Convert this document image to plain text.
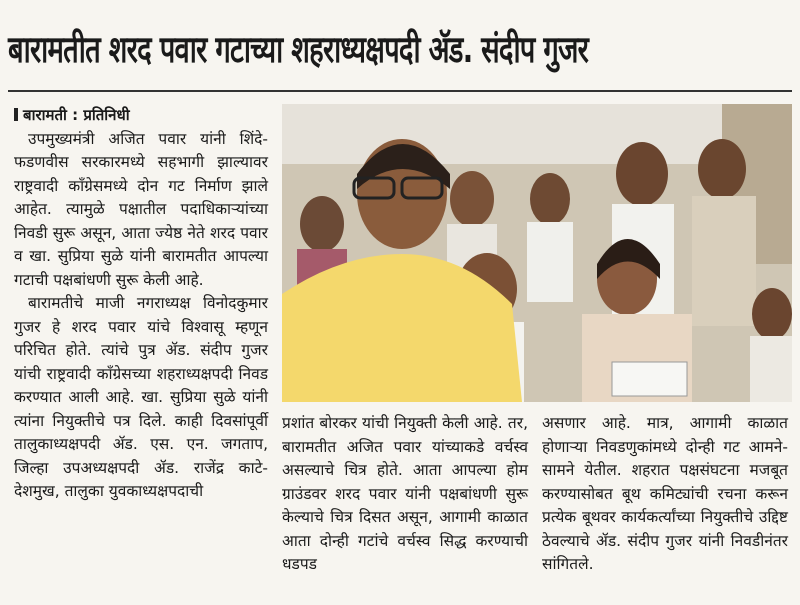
बारामतीत शरद पवार गटाच्या शहराध्यक्षपदी ॲड. संदीप गुजर

बारामती : प्रतिनिधी

उपमुख्यमंत्री अजित पवार यांनी शिंदे- फडणवीस सरकारमध्ये सहभागी झाल्यावर राष्ट्रवादी काँग्रेसमध्ये दोन गट निर्माण झाले आहेत. त्यामुळे पक्षातील पदाधिकाऱ्यांच्या निवडी सुरू असून, आता ज्येष्ठ नेते शरद पवार व खा. सुप्रिया सुळे यांनी बारामतीत आपल्या गटाची पक्षबांधणी सुरू केली आहे.

बारामतीचे माजी नगराध्यक्ष विनोदकुमार गुजर हे शरद पवार यांचे विश्वासू म्हणून परिचित होते. त्यांचे पुत्र ॲड. संदीप गुजर यांची राष्ट्रवादी काँग्रेसच्या शहराध्यक्षपदी निवड करण्यात आली आहे. खा. सुप्रिया सुळे यांनी त्यांना नियुक्तीचे पत्र दिले. काही दिवसांपूर्वी तालुकाध्यक्षपदी ॲड. एस. एन. जगताप, जिल्हा उपअध्यक्षपदी ॲड. राजेंद्र काटे-देशमुख, तालुका युवकाध्यक्षपदाची

प्रशांत बोरकर यांची नियुक्ती केली आहे. तर, बारामतीत अजित पवार यांच्याकडे वर्चस्व असल्याचे चित्र होते. आता आपल्या होम ग्राउंडवर शरद पवार यांनी पक्षबांधणी सुरू केल्याचे चित्र दिसत असून, आगामी काळात आता दोन्ही गटांचे वर्चस्व सिद्ध करण्याची धडपड

असणार आहे. मात्र, आगामी काळात होणाऱ्या निवडणुकांमध्ये दोन्ही गट आमने- सामने येतील. शहरात पक्षसंघटना मजबूत करण्यासोबत बूथ कमिट्यांची रचना करून प्रत्येक बूथवर कार्यकर्त्यांच्या नियुक्तीचे उद्दिष्ट ठेवल्याचे ॲड. संदीप गुजर यांनी निवडीनंतर सांगितले.
